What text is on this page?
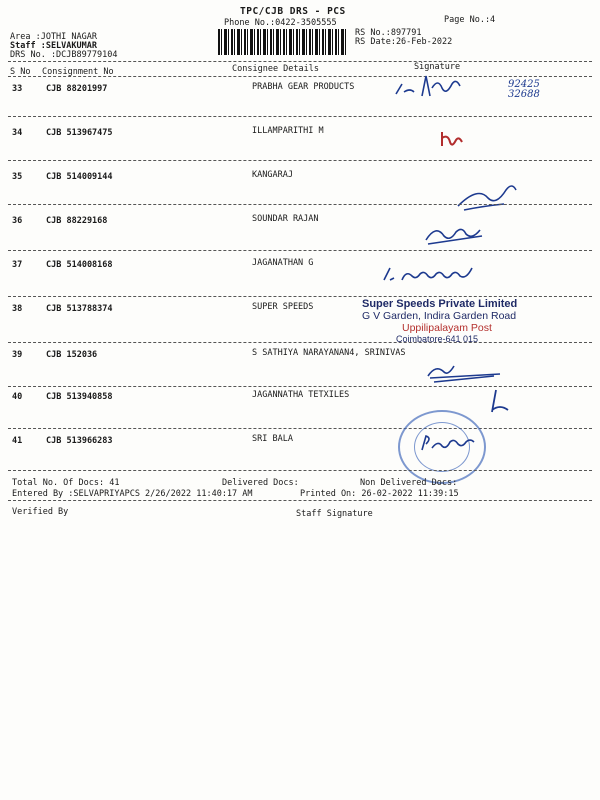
TPC/CJB DRS - PCS
Phone No.:0422-3505555	Page No.:4
RS No.:897791
RS Date:26-Feb-2022
Area :JOTHI NAGAR
Staff :SELVAKUMAR
DRS No. :DCJB89779104
S No Consignment No	Consignee Details	Signature
33	CJB 88201997	PRABHA GEAR PRODUCTS	92425 32688
34	CJB 513967475	ILLAMPARITHI M
35	CJB 514009144	KANGARAJ
36	CJB 88229168	SOUNDAR RAJAN
37	CJB 514008168	JAGANATHAN G
38	CJB 513788374	SUPER SPEEDS	Super Speeds Private Limited
G V Garden, Indira Garden Road
Uppilipalayam Post
Coimbatore-641 015
39	CJB 152036	S SATHIYA NARAYANAN4, SRINIVAS
40	CJB 513940858	JAGANNATHA TETXILES
41	CJB 513966283	SRI BALA
Total No. Of Docs: 41	Delivered Docs:	Non Delivered Docs:
Entered By :SELVAPRIYAPCS 2/26/2022 11:40:17 AM	Printed On: 26-02-2022 11:39:15
Verified By	Staff Signature
